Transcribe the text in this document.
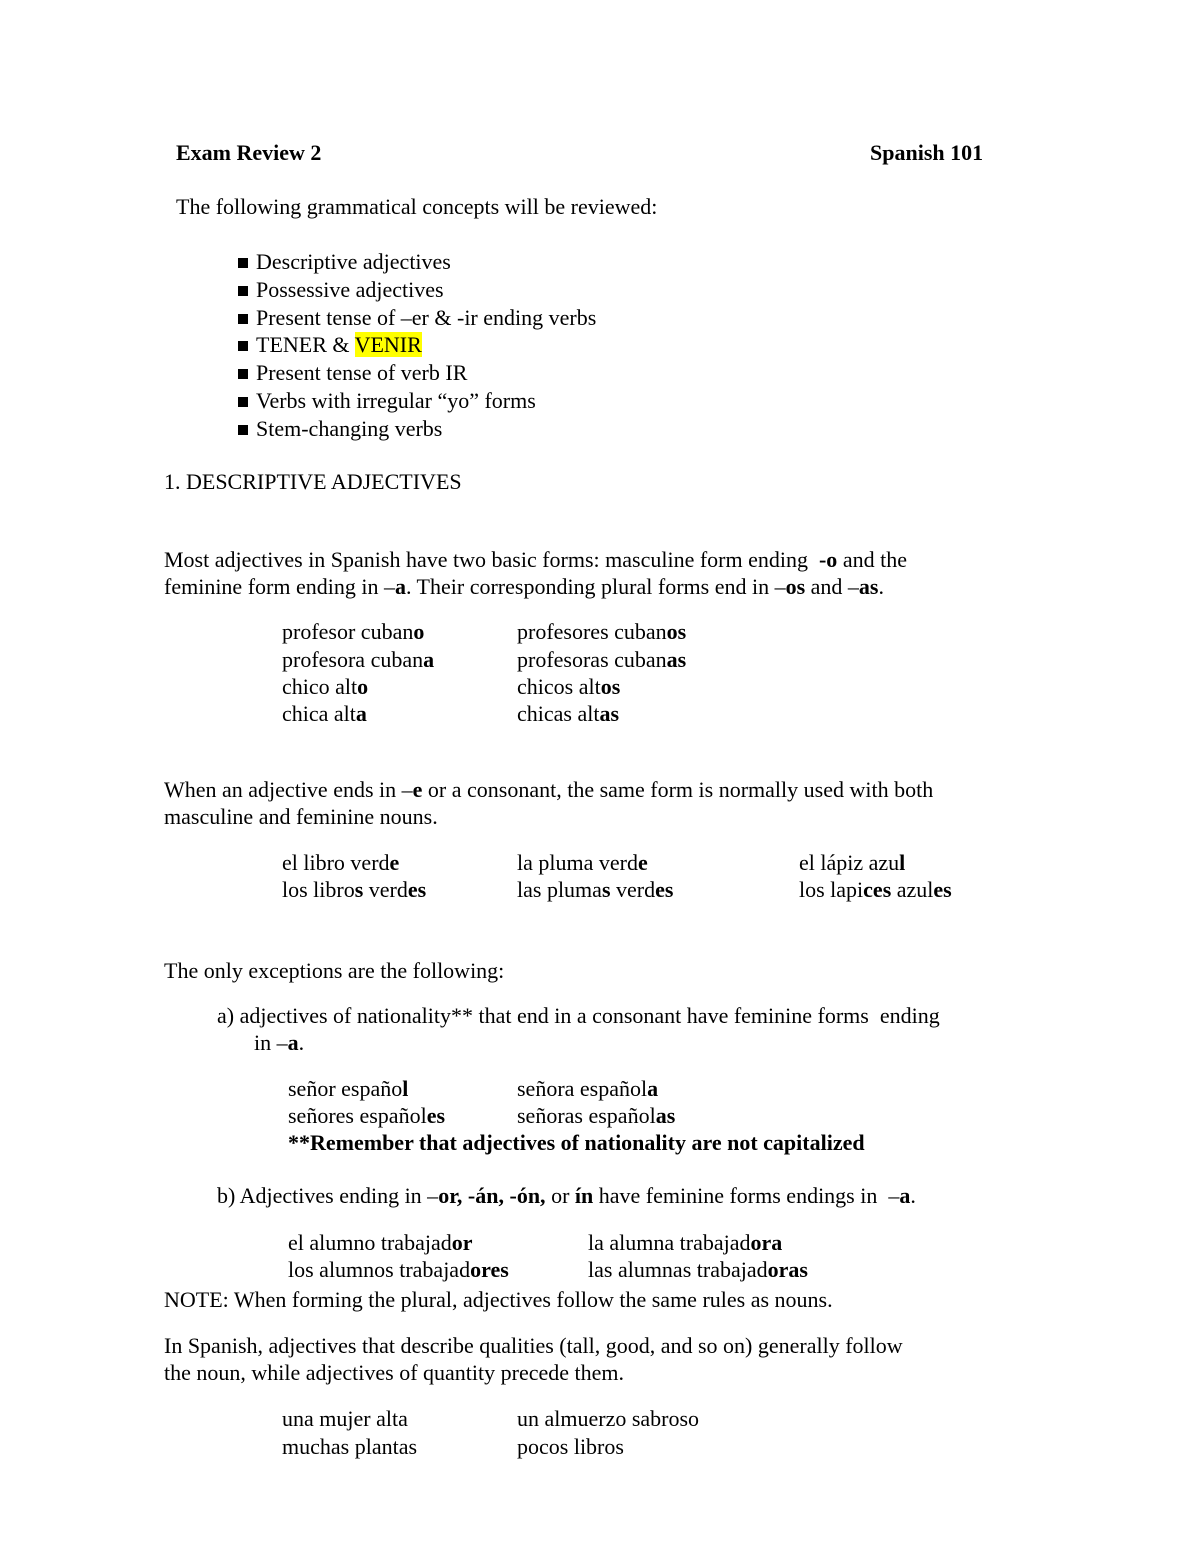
Exam Review 2	Spanish 101
The following grammatical concepts will be reviewed:
Descriptive adjectives
Possessive adjectives
Present tense of –er & -ir ending verbs
TENER & VENIR
Present tense of verb IR
Verbs with irregular “yo” forms
Stem-changing verbs
1. DESCRIPTIVE ADJECTIVES
Most adjectives in Spanish have two basic forms: masculine form ending  -o and the
feminine form ending in –a. Their corresponding plural forms end in –os and –as.
profesor cubano	profesores cubanos
profesora cubana	profesoras cubanas
chico alto	chicos altos
chica alta	chicas altas
When an adjective ends in –e or a consonant, the same form is normally used with both
masculine and feminine nouns.
el libro verde	la pluma verde	el lápiz azul
los libros verdes	las plumas verdes	los lapices azules
The only exceptions are the following:
a) adjectives of nationality** that end in a consonant have feminine forms  ending
in –a.
señor español	señora española
señores españoles	señoras españolas
**Remember that adjectives of nationality are not capitalized
b) Adjectives ending in –or, -án, -ón, or ín have feminine forms endings in  –a.
el alumno trabajador	la alumna trabajadora
los alumnos trabajadores	las alumnas trabajadoras
NOTE: When forming the plural, adjectives follow the same rules as nouns.
In Spanish, adjectives that describe qualities (tall, good, and so on) generally follow
the noun, while adjectives of quantity precede them.
una mujer alta	un almuerzo sabroso
muchas plantas	pocos libros
